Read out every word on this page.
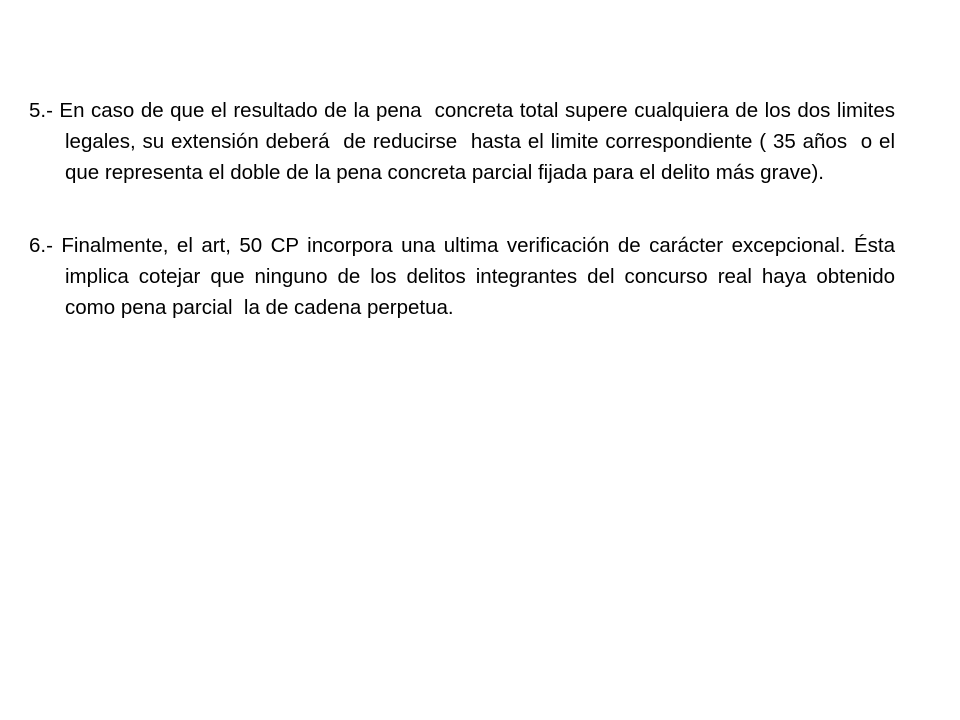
5.- En caso de que el resultado de la pena  concreta total supere cualquiera de los dos limites legales, su extensión deberá  de reducirse  hasta el limite correspondiente ( 35 años  o el que representa el doble de la pena concreta parcial fijada para el delito más grave).

6.- Finalmente, el art, 50 CP incorpora una ultima verificación de carácter excepcional. Ésta implica cotejar que ninguno de los delitos integrantes del concurso real haya obtenido como pena parcial  la de cadena perpetua.
